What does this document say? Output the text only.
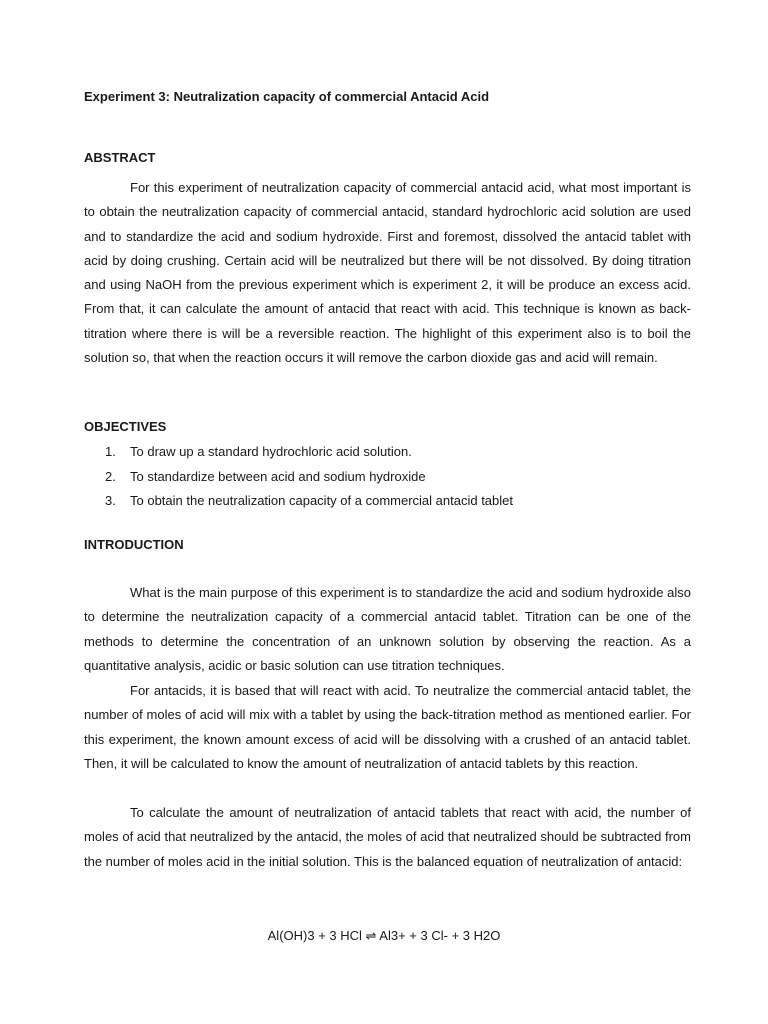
Experiment 3: Neutralization capacity of commercial Antacid Acid

ABSTRACT

For this experiment of neutralization capacity of commercial antacid acid, what most important is to obtain the neutralization capacity of commercial antacid, standard hydrochloric acid solution are used and to standardize the acid and sodium hydroxide. First and foremost, dissolved the antacid tablet with acid by doing crushing. Certain acid will be neutralized but there will be not dissolved. By doing titration and using NaOH from the previous experiment which is experiment 2, it will be produce an excess acid. From that, it can calculate the amount of antacid that react with acid. This technique is known as back-titration where there is will be a reversible reaction. The highlight of this experiment also is to boil the solution so, that when the reaction occurs it will remove the carbon dioxide gas and acid will remain.

OBJECTIVES

1.	To draw up a standard hydrochloric acid solution.
2.	To standardize between acid and sodium hydroxide
3.	To obtain the neutralization capacity of a commercial antacid tablet

INTRODUCTION

What is the main purpose of this experiment is to standardize the acid and sodium hydroxide also to determine the neutralization capacity of a commercial antacid tablet. Titration can be one of the methods to determine the concentration of an unknown solution by observing the reaction. As a quantitative analysis, acidic or basic solution can use titration techniques.

For antacids, it is based that will react with acid. To neutralize the commercial antacid tablet, the number of moles of acid will mix with a tablet by using the back-titration method as mentioned earlier. For this experiment, the known amount excess of acid will be dissolving with a crushed of an antacid tablet. Then, it will be calculated to know the amount of neutralization of antacid tablets by this reaction.

To calculate the amount of neutralization of antacid tablets that react with acid, the number of moles of acid that neutralized by the antacid, the moles of acid that neutralized should be subtracted from the number of moles acid in the initial solution. This is the balanced equation of neutralization of antacid:

Al(OH)3 + 3 HCl ⇌ Al3+ + 3 Cl- + 3 H2O
